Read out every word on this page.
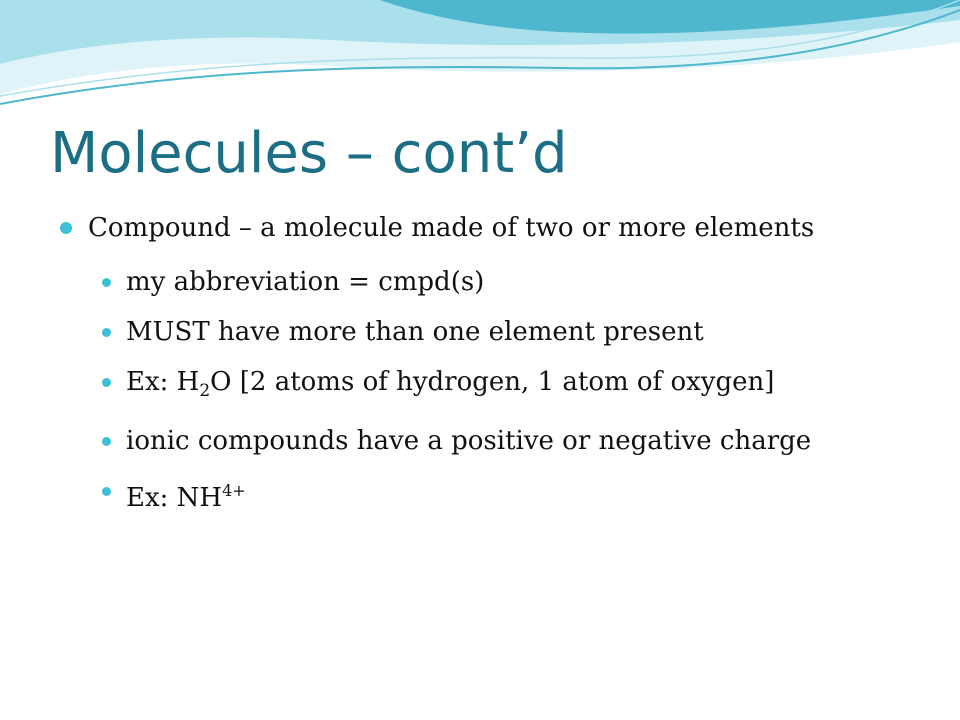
Molecules – cont’d
Compound – a molecule made of two or more elements
my abbreviation = cmpd(s)
MUST have more than one element present
Ex: $H_2O$ [2 atoms of hydrogen, 1 atom of oxygen]
ionic compounds have a positive or negative charge
Ex: $NH^{4+}$
